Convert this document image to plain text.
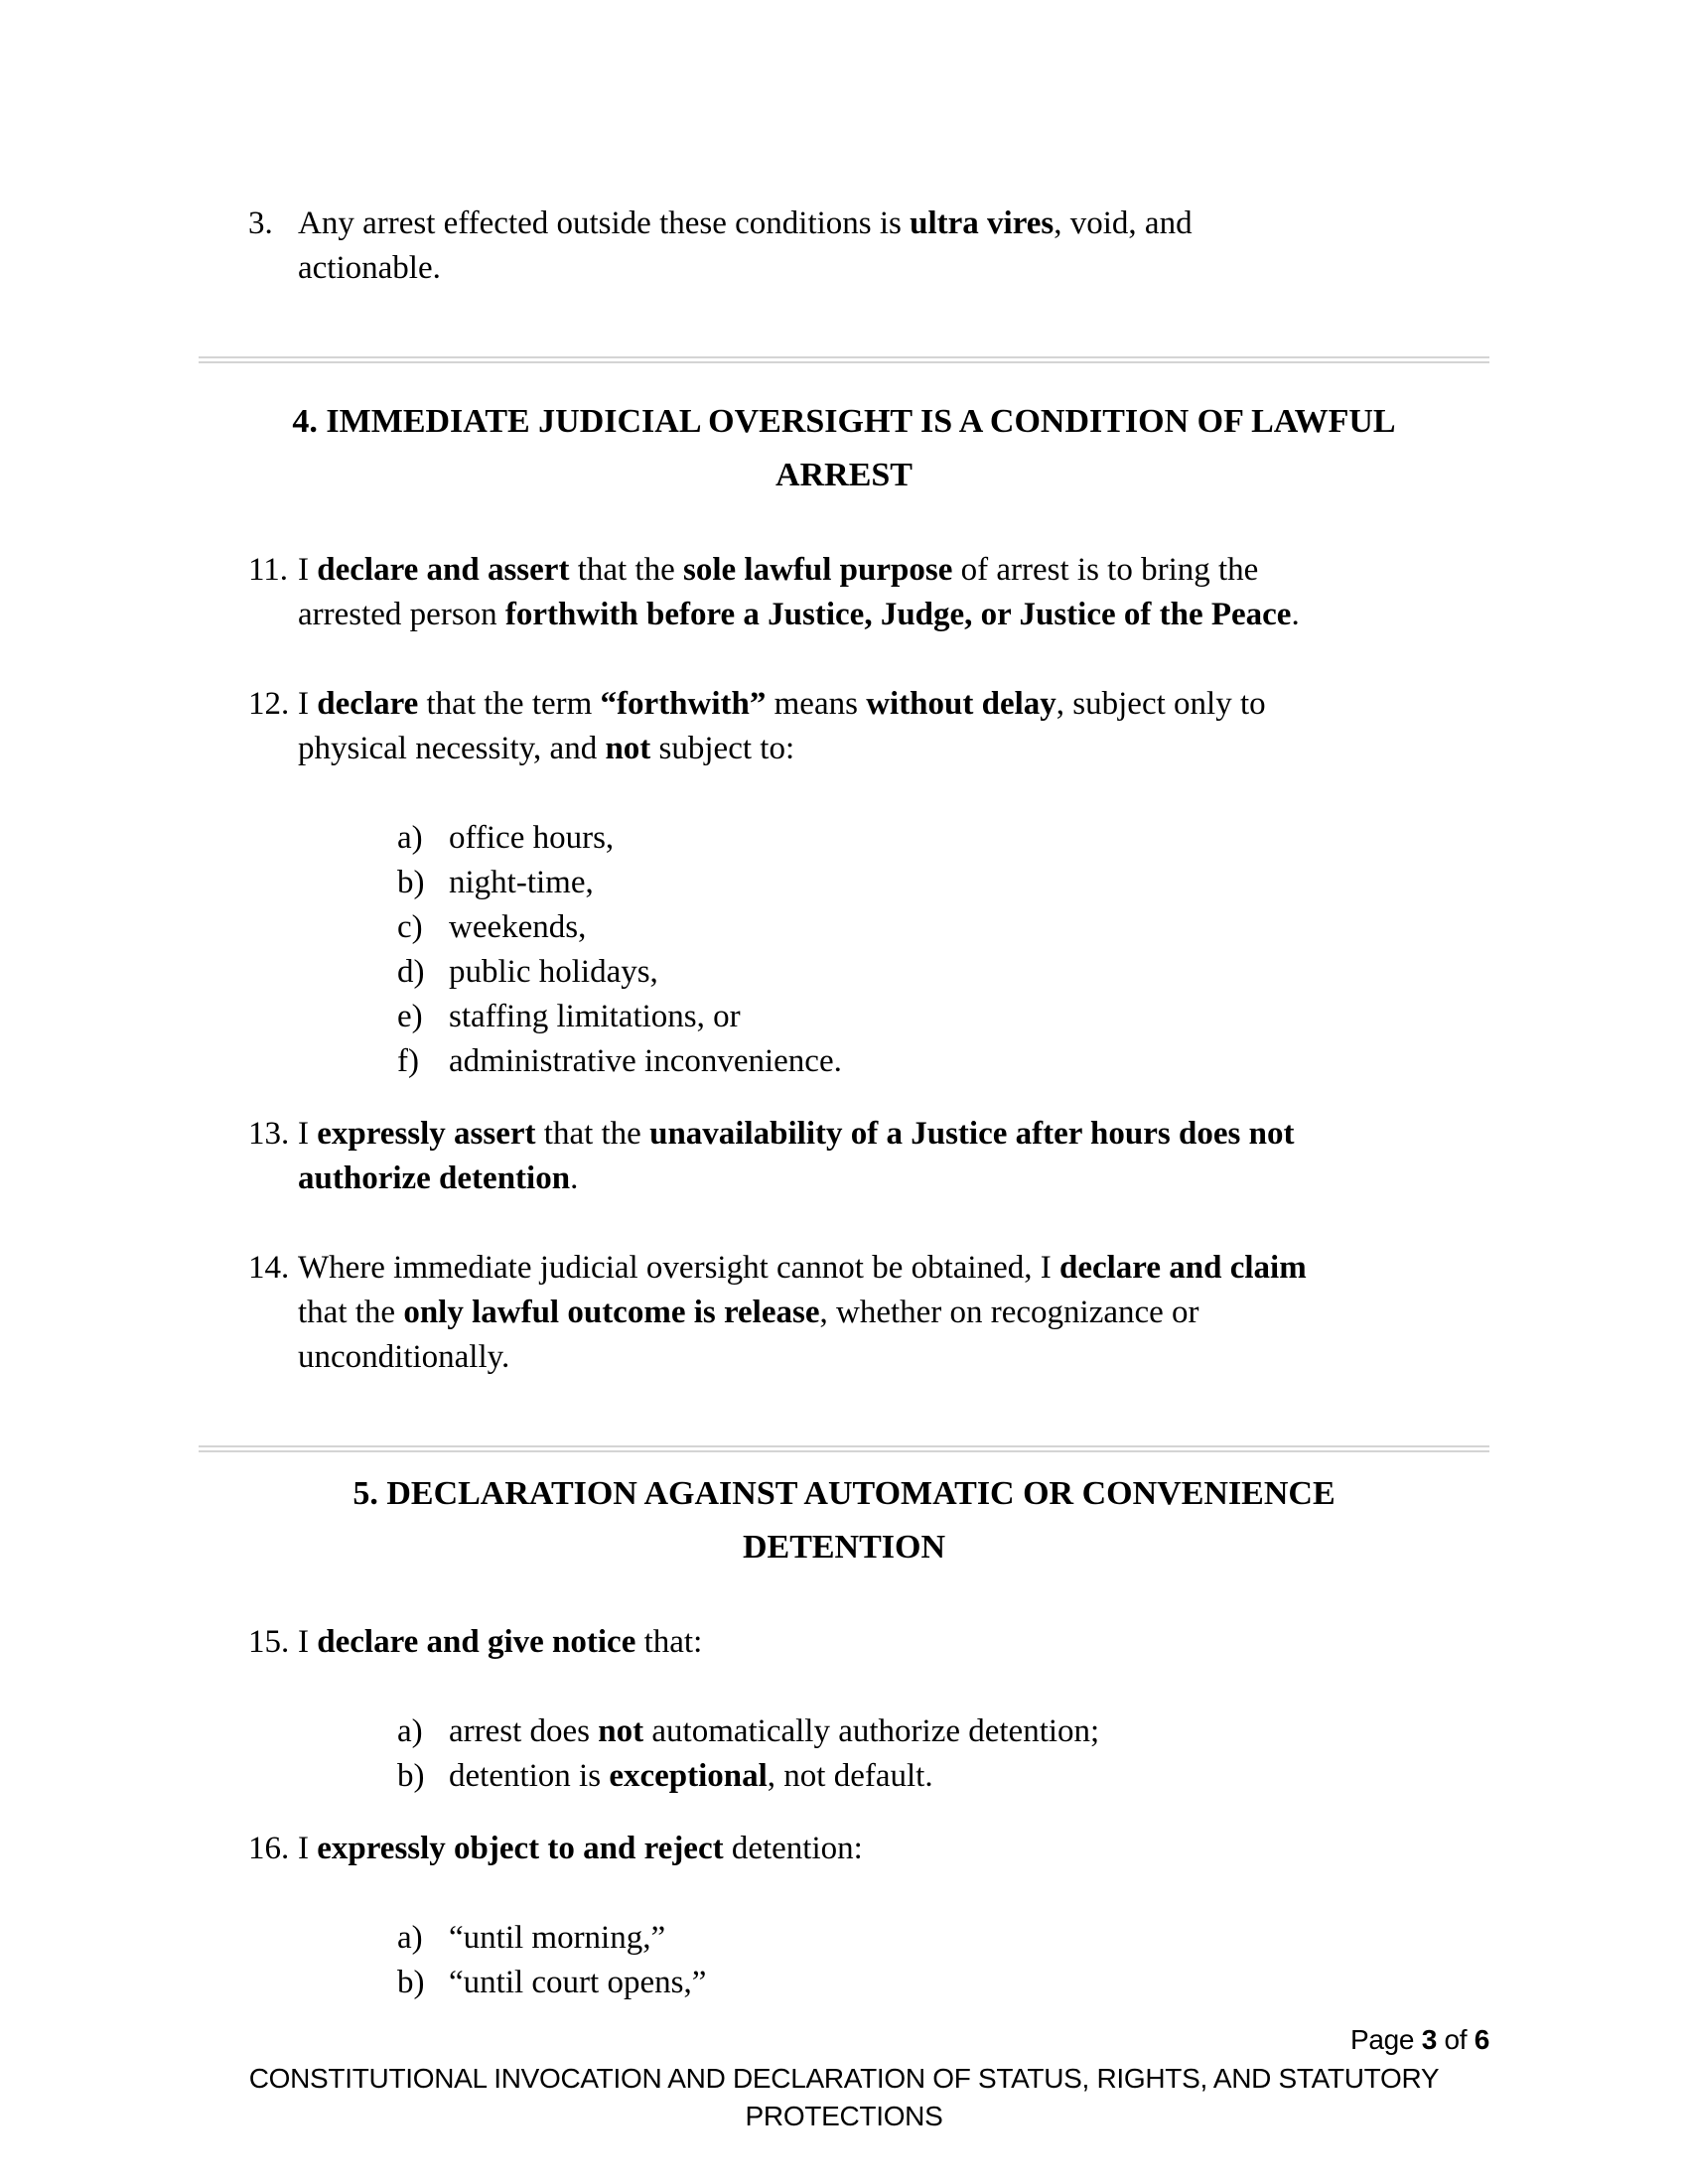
3. Any arrest effected outside these conditions is ultra vires, void, and
actionable.
4. IMMEDIATE JUDICIAL OVERSIGHT IS A CONDITION OF LAWFUL
ARREST
11. I declare and assert that the sole lawful purpose of arrest is to bring the
arrested person forthwith before a Justice, Judge, or Justice of the Peace.
12. I declare that the term “forthwith” means without delay, subject only to
physical necessity, and not subject to:
a) office hours,
b) night-time,
c) weekends,
d) public holidays,
e) staffing limitations, or
f) administrative inconvenience.
13. I expressly assert that the unavailability of a Justice after hours does not
authorize detention.
14. Where immediate judicial oversight cannot be obtained, I declare and claim
that the only lawful outcome is release, whether on recognizance or
unconditionally.
5. DECLARATION AGAINST AUTOMATIC OR CONVENIENCE
DETENTION
15. I declare and give notice that:
a) arrest does not automatically authorize detention;
b) detention is exceptional, not default.
16. I expressly object to and reject detention:
a) “until morning,”
b) “until court opens,”
Page 3 of 6
CONSTITUTIONAL INVOCATION AND DECLARATION OF STATUS, RIGHTS, AND STATUTORY PROTECTIONS
